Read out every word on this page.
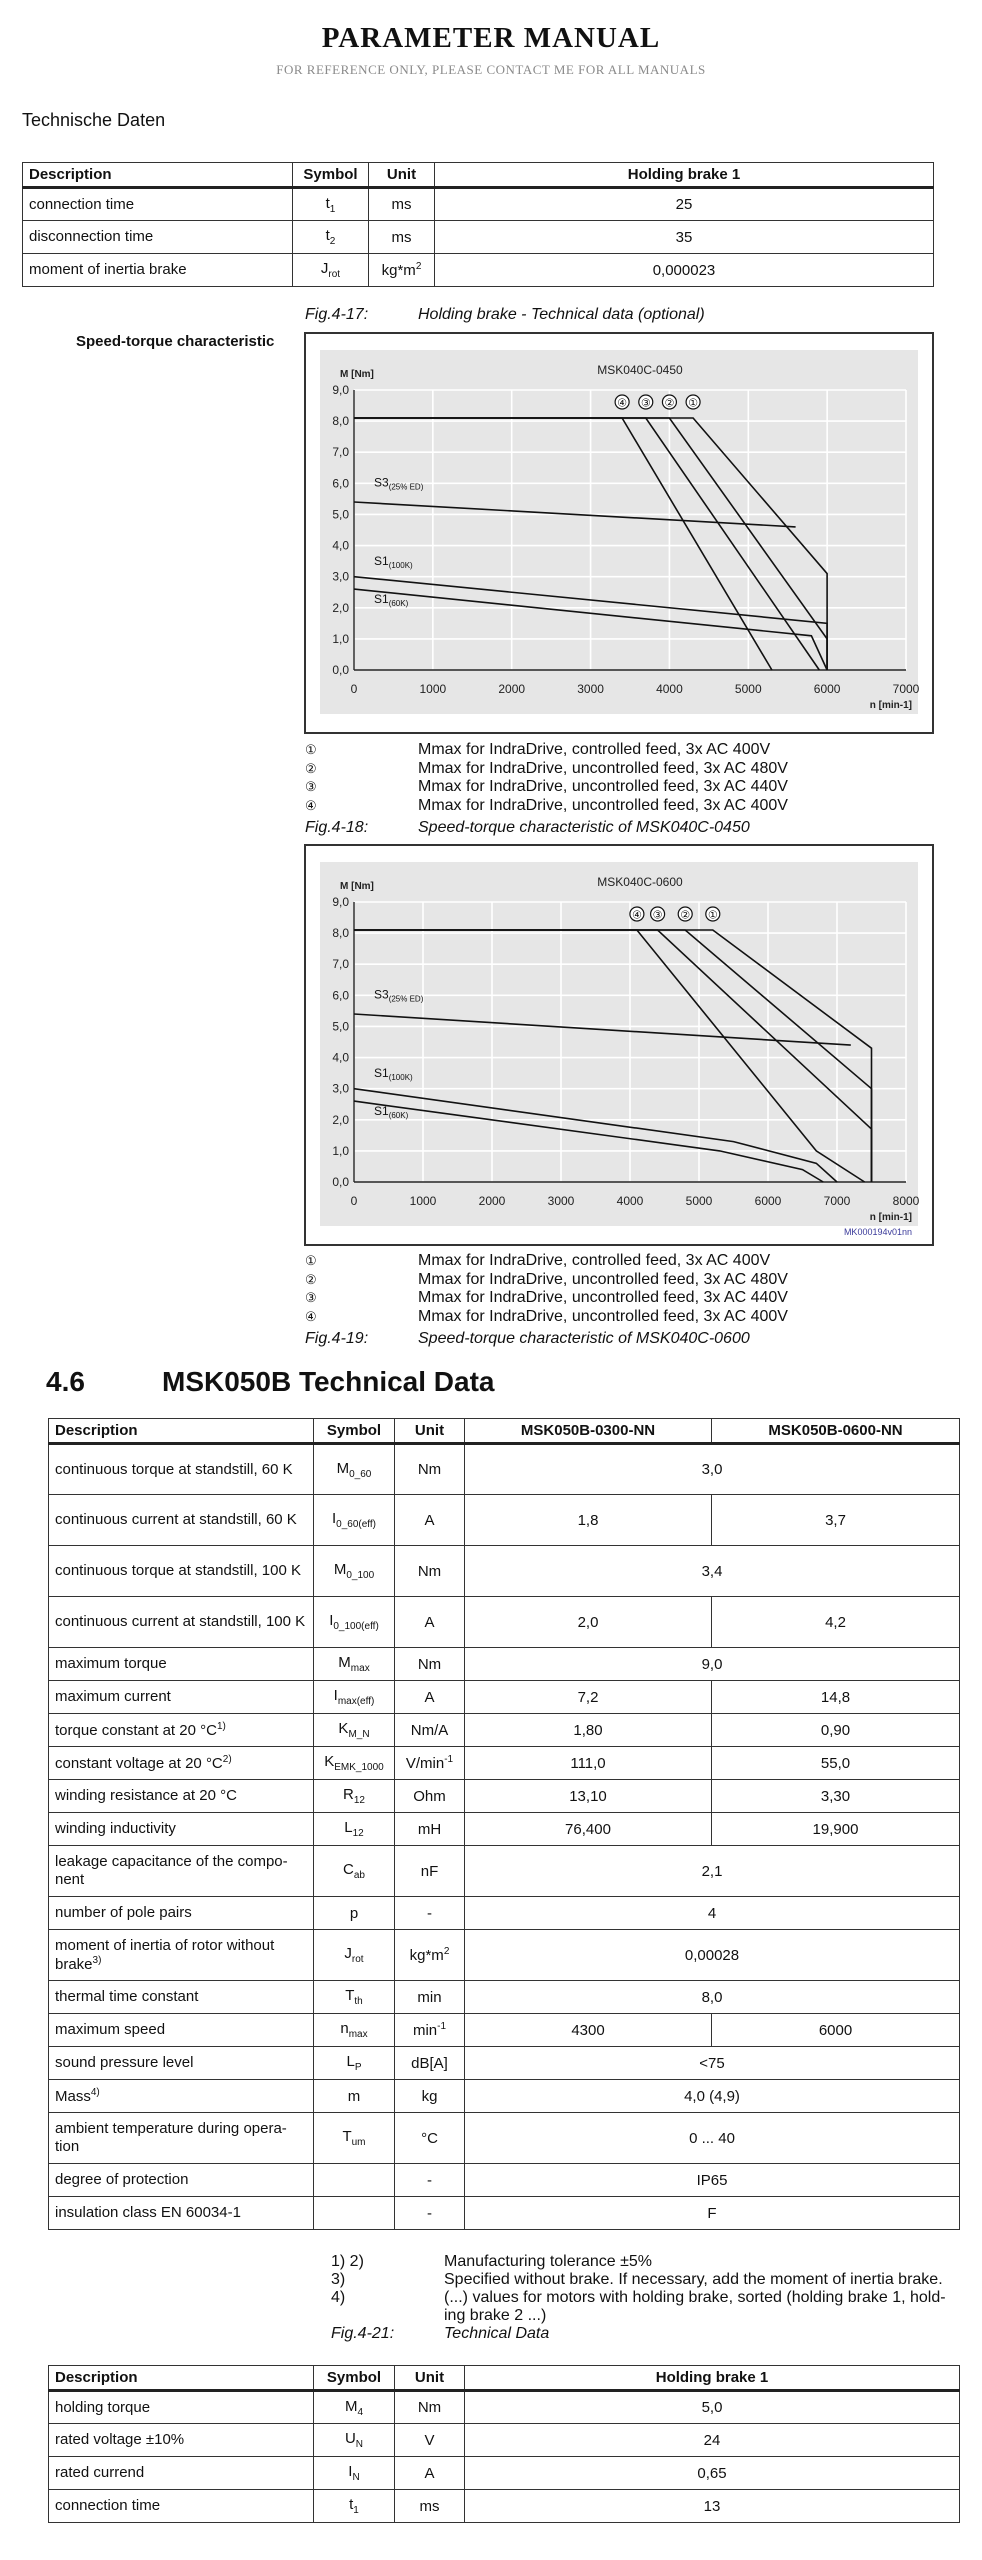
PARAMETER MANUAL
FOR REFERENCE ONLY, PLEASE CONTACT ME FOR ALL MANUALS
Technische Daten
Description	Symbol	Unit	Holding brake 1
connection time	$t_1$	ms	25
disconnection time	$t_2$	ms	35
moment of inertia brake	$J_{rot}$	$kg*m^2$	0,000023
Fig.4-17:	Holding brake - Technical data (optional)
Speed-torque characteristic
0	1000	2000	3000	4000	5000	6000	7000
0,0
1,0
2,0
3,0
4,0
5,0
6,0
7,0
8,0
9,0
M [Nm]
n [min-1]
MSK040C-0450
④ ③ ② ①
$S3_{(25\% ED)}$
$S1_{(100K)}$
$S1_{(60K)}$
①	Mmax for IndraDrive, controlled feed, 3x AC 400V
②	Mmax for IndraDrive, uncontrolled feed, 3x AC 480V
③	Mmax for IndraDrive, uncontrolled feed, 3x AC 440V
④	Mmax for IndraDrive, uncontrolled feed, 3x AC 400V
Fig.4-18:	Speed-torque characteristic of MSK040C-0450
0	1000	2000	3000	4000	5000	6000	7000	8000
0,0
1,0
2,0
3,0
4,0
5,0
6,0
7,0
8,0
9,0
M [Nm]
n [min-1]
MSK040C-0600
MK000194v01nn
④ ③ ② ①
$S3_{(25\% ED)}$
$S1_{(100K)}$
$S1_{(60K)}$
①	Mmax for IndraDrive, controlled feed, 3x AC 400V
②	Mmax for IndraDrive, uncontrolled feed, 3x AC 480V
③	Mmax for IndraDrive, uncontrolled feed, 3x AC 440V
④	Mmax for IndraDrive, uncontrolled feed, 3x AC 400V
Fig.4-19:	Speed-torque characteristic of MSK040C-0600
4.6	MSK050B Technical Data
Description	Symbol	Unit	MSK050B-0300-NN	MSK050B-0600-NN
continuous torque at standstill, 60 K	$M_{0\_60}$	Nm	3,0	
continuous current at standstill, 60 K	$I_{0\_60(eff)}$	A	1,8	3,7
continuous torque at standstill, 100 K	$M_{0\_100}$	Nm	3,4	
continuous current at standstill, 100 K	$I_{0\_100(eff)}$	A	2,0	4,2
maximum torque	$M_{max}$	Nm	9,0	
maximum current	$I_{max(eff)}$	A	7,2	14,8
torque constant at 20 $^\circ C^{1)}$	$K_{M\_N}$	Nm/A	1,80	0,90
constant voltage at 20 $^\circ C^{2)}$	$K_{EMK\_1000}$	$V/\min^{-1}$	111,0	55,0
winding resistance at 20 °C	$R_{12}$	Ohm	13,10	3,30
winding inductivity	$L_{12}$	mH	76,400	19,900
leakage capacitance of the compo-nent	$C_{ab}$	nF	2,1	
number of pole pairs	p	-	4	
moment of inertia of rotor without brake$^{3)}$	$J_{rot}$	$kg*m^2$	0,00028	
thermal time constant	$T_{th}$	min	8,0	
maximum speed	$n_{max}$	$\min^{-1}$	4300	6000
sound pressure level	$L_P$	dB[A]	<75	
Mass$^{4)}$	m	kg	4,0 (4,9)	
ambient temperature during opera-tion	$T_{um}$	°C	0 ... 40	
degree of protection		-	IP65	
insulation class EN 60034-1		-	F	
1) 2)	Manufacturing tolerance ±5%
3)	Specified without brake. If necessary, add the moment of inertia brake.
4)	(...) values for motors with holding brake, sorted (holding brake 1, hold-ing brake 2 ...)
Fig.4-21:	Technical Data
Description	Symbol	Unit	Holding brake 1
holding torque	$M_4$	Nm	5,0
rated voltage ±10%	$U_N$	V	24
rated currend	$I_N$	A	0,65
connection time	$t_1$	ms	13
